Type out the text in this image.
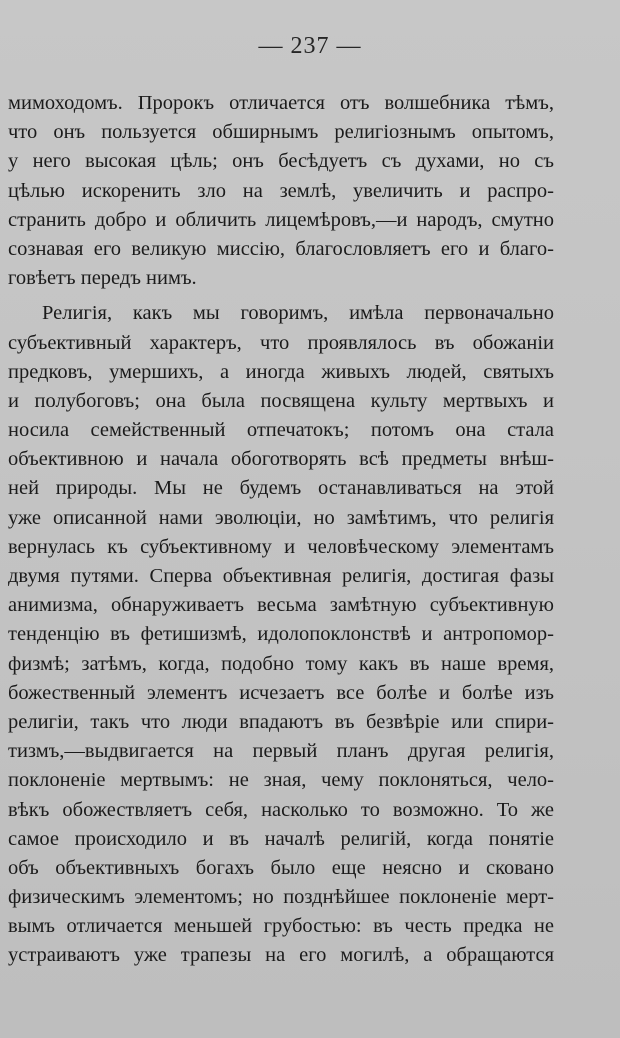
— 237 —
мимоходомъ. Пророкъ отличается отъ волшебника тѣмъ,
что онъ пользуется обширнымъ религiознымъ опытомъ,
у него высокая цѣль; онъ бесѣдуетъ съ духами, но съ
цѣлью искоренить зло на землѣ, увеличить и распро-
странить добро и обличить лицемѣровъ,—и народъ, смутно
сознавая его великую миссiю, благословляетъ его и благо-
говѣетъ передъ нимъ.
Религiя, какъ мы говоримъ, имѣла первоначально
субъективный характеръ, что проявлялось въ обожанiи
предковъ, умершихъ, а иногда живыхъ людей, святыхъ
и полубоговъ; она была посвящена культу мертвыхъ и
носила семейственный отпечатокъ; потомъ она стала
объективною и начала обоготворять всѣ предметы внѣш-
ней природы. Мы не будемъ останавливаться на этой
уже описанной нами эволюцiи, но замѣтимъ, что религiя
вернулась къ субъективному и человѣческому элементамъ
двумя путями. Сперва объективная религiя, достигая фазы
анимизма, обнаруживаетъ весьма замѣтную субъективную
тенденцiю въ фетишизмѣ, идолопоклонствѣ и антропомор-
физмѣ; затѣмъ, когда, подобно тому какъ въ наше время,
божественный элементъ исчезаетъ все болѣе и болѣе изъ
религiи, такъ что люди впадаютъ въ безвѣрiе или спири-
тизмъ,—выдвигается на первый планъ другая религiя,
поклоненiе мертвымъ: не зная, чему поклоняться, чело-
вѣкъ обожествляетъ себя, насколько то возможно. То же
самое происходило и въ началѣ религiй, когда понятiе
объ объективныхъ богахъ было еще неясно и сковано
физическимъ элементомъ; но позднѣйшее поклоненiе мерт-
вымъ отличается меньшей грубостью: въ честь предка не
устраиваютъ уже трапезы на его могилѣ, а обращаются
